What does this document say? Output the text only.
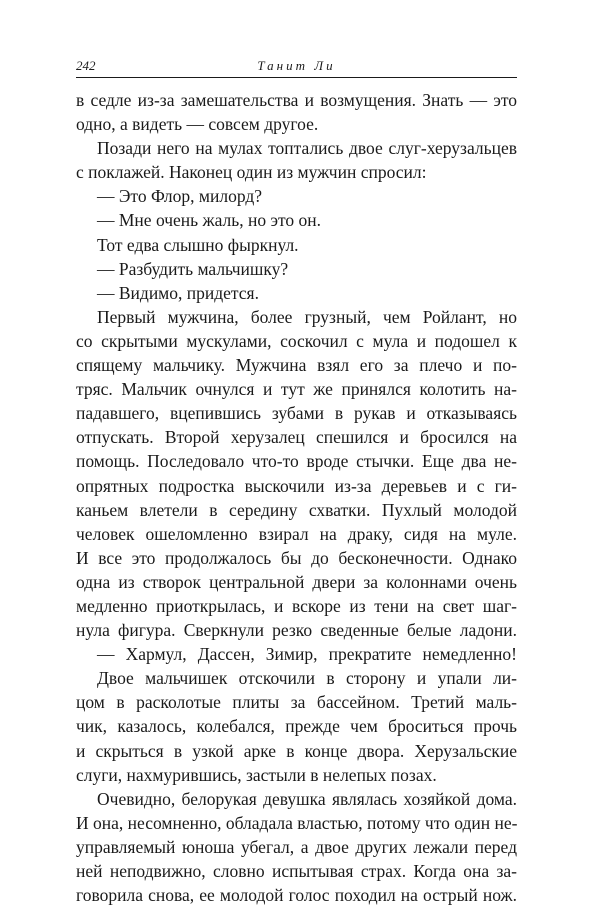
242	Танит Ли
в седле из-за замешательства и возмущения. Знать — это
одно, а видеть — совсем другое.
Позади него на мулах топтались двое слуг-херузальцев
с поклажей. Наконец один из мужчин спросил:
— Это Флор, милорд?
— Мне очень жаль, но это он.
Тот едва слышно фыркнул.
— Разбудить мальчишку?
— Видимо, придется.
Первый мужчина, более грузный, чем Ройлант, но
со скрытыми мускулами, соскочил с мула и подошел к
спящему мальчику. Мужчина взял его за плечо и по-
тряс. Мальчик очнулся и тут же принялся колотить на-
падавшего, вцепившись зубами в рукав и отказываясь
отпускать. Второй херузалец спешился и бросился на
помощь. Последовало что-то вроде стычки. Еще два не-
опрятных подростка выскочили из-за деревьев и с ги-
каньем влетели в середину схватки. Пухлый молодой
человек ошеломленно взирал на драку, сидя на муле.
И все это продолжалось бы до бесконечности. Однако
одна из створок центральной двери за колоннами очень
медленно приоткрылась, и вскоре из тени на свет шаг-
нула фигура. Сверкнули резко сведенные белые ладони.
— Хармул, Дассен, Зимир, прекратите немедленно!
Двое мальчишек отскочили в сторону и упали ли-
цом в расколотые плиты за бассейном. Третий маль-
чик, казалось, колебался, прежде чем броситься прочь
и скрыться в узкой арке в конце двора. Херузальские
слуги, нахмурившись, застыли в нелепых позах.
Очевидно, белорукая девушка являлась хозяйкой дома.
И она, несомненно, обладала властью, потому что один не-
управляемый юноша убегал, а двое других лежали перед
ней неподвижно, словно испытывая страх. Когда она за-
говорила снова, ее молодой голос походил на острый нож.
